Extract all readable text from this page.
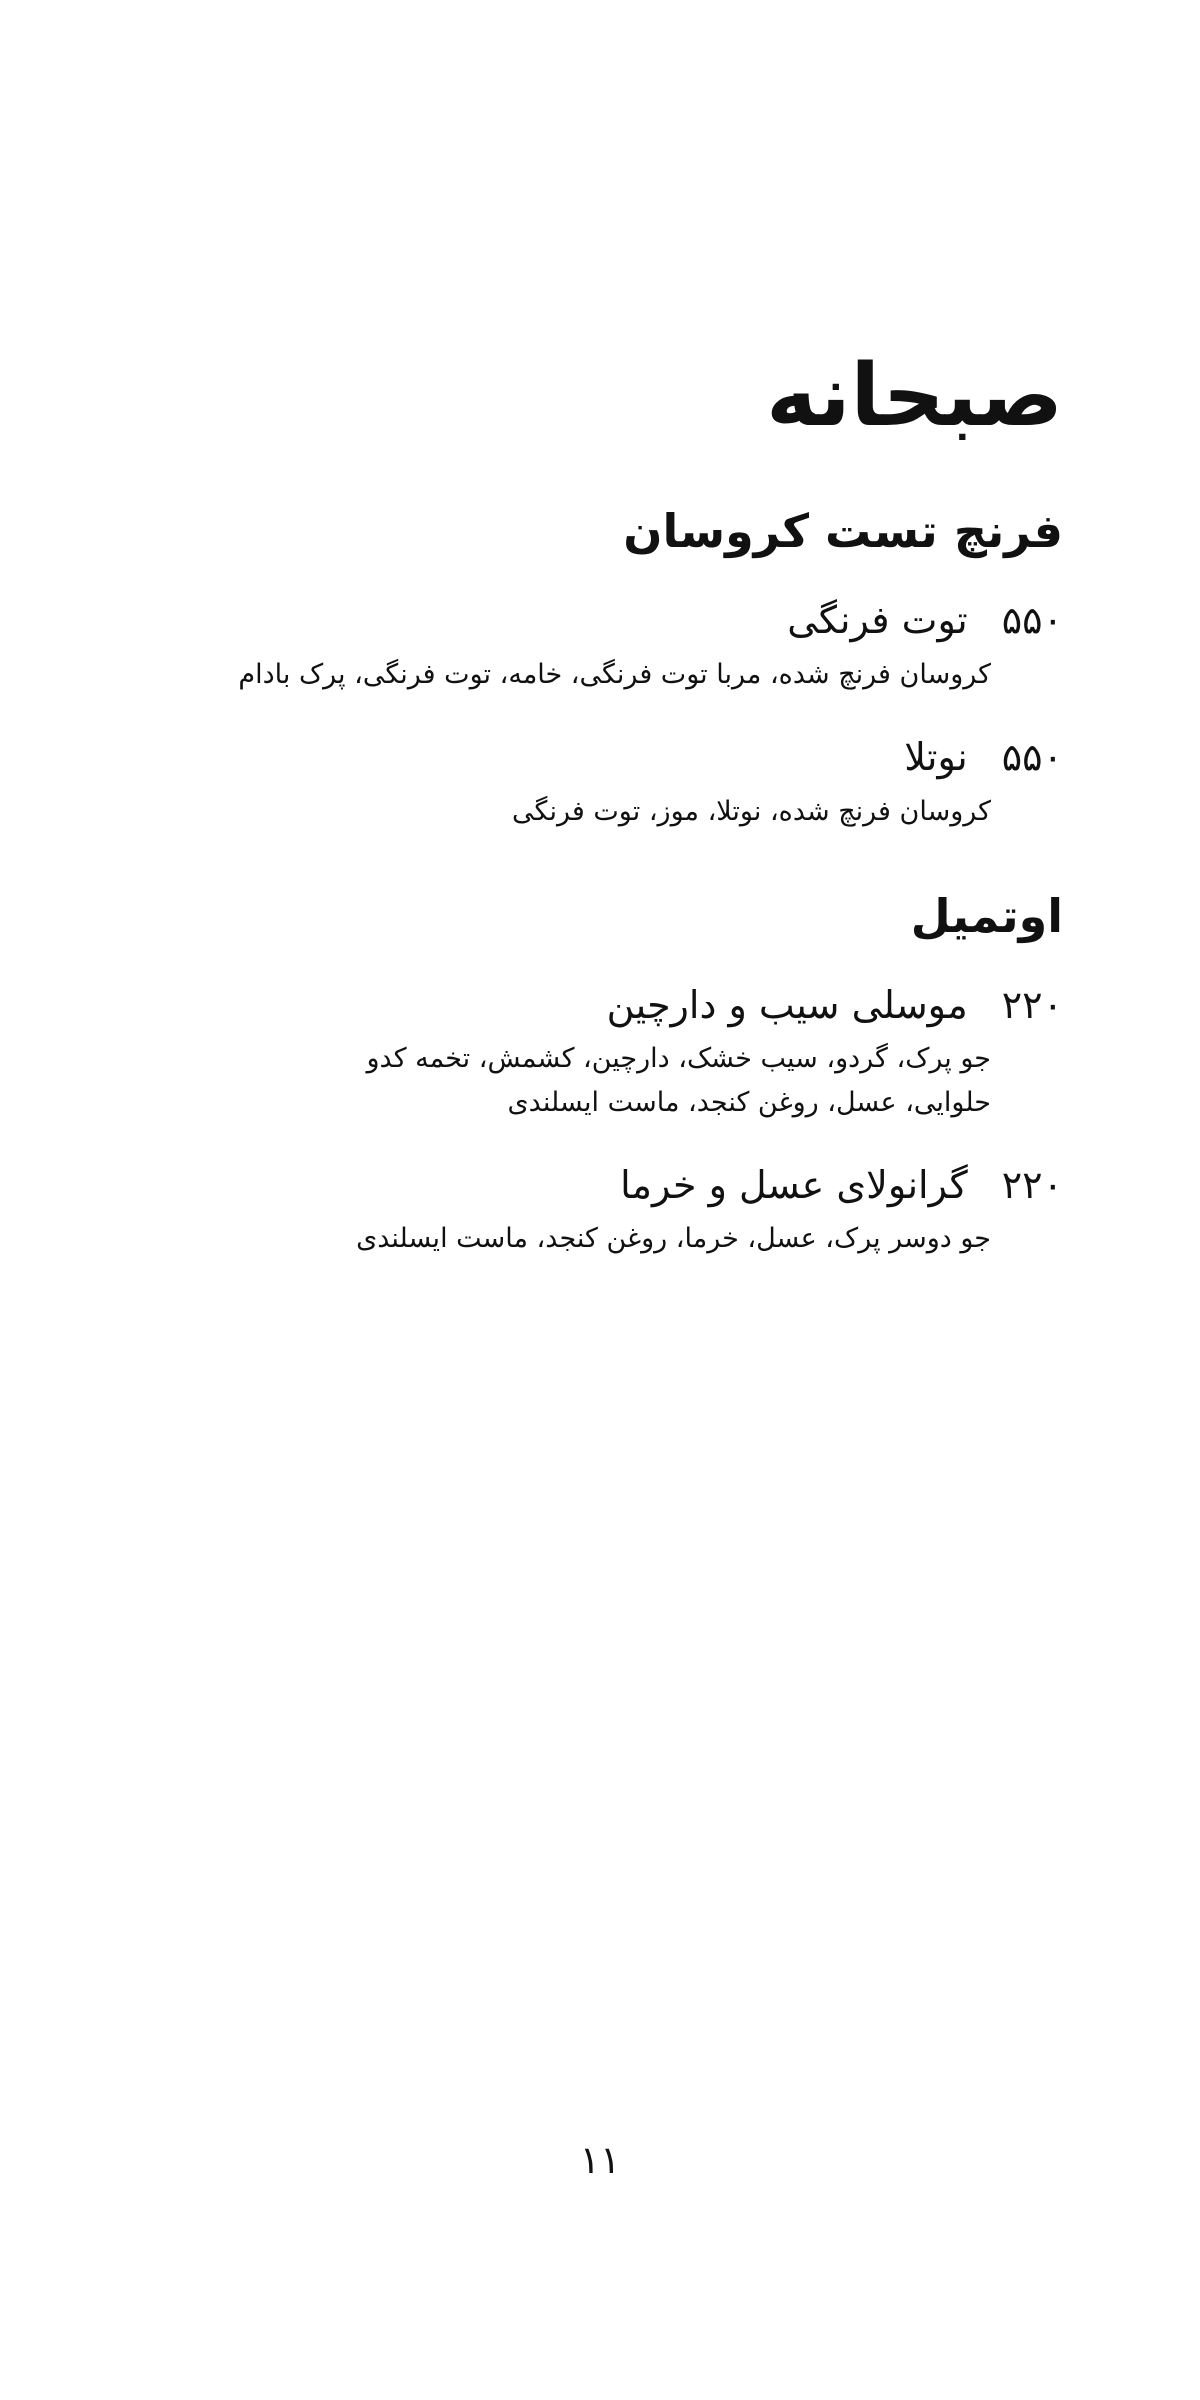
صبحانه
فرنچ تست کروسان
۵۵۰ توت فرنگی
کروسان فرنچ شده، مربا توت فرنگی، خامه، توت فرنگی، پرک بادام
۵۵۰ نوتلا
کروسان فرنچ شده، نوتلا، موز، توت فرنگی
اوتمیل
۲۲۰ موسلی سیب و دارچین
جو پرک، گردو، سیب خشک، دارچین، کشمش، تخمه کدو حلوایی، عسل، روغن کنجد، ماست ایسلندی
۲۲۰ گرانولای عسل و خرما
جو دوسر پرک، عسل، خرما، روغن کنجد، ماست ایسلندی
۱۱
